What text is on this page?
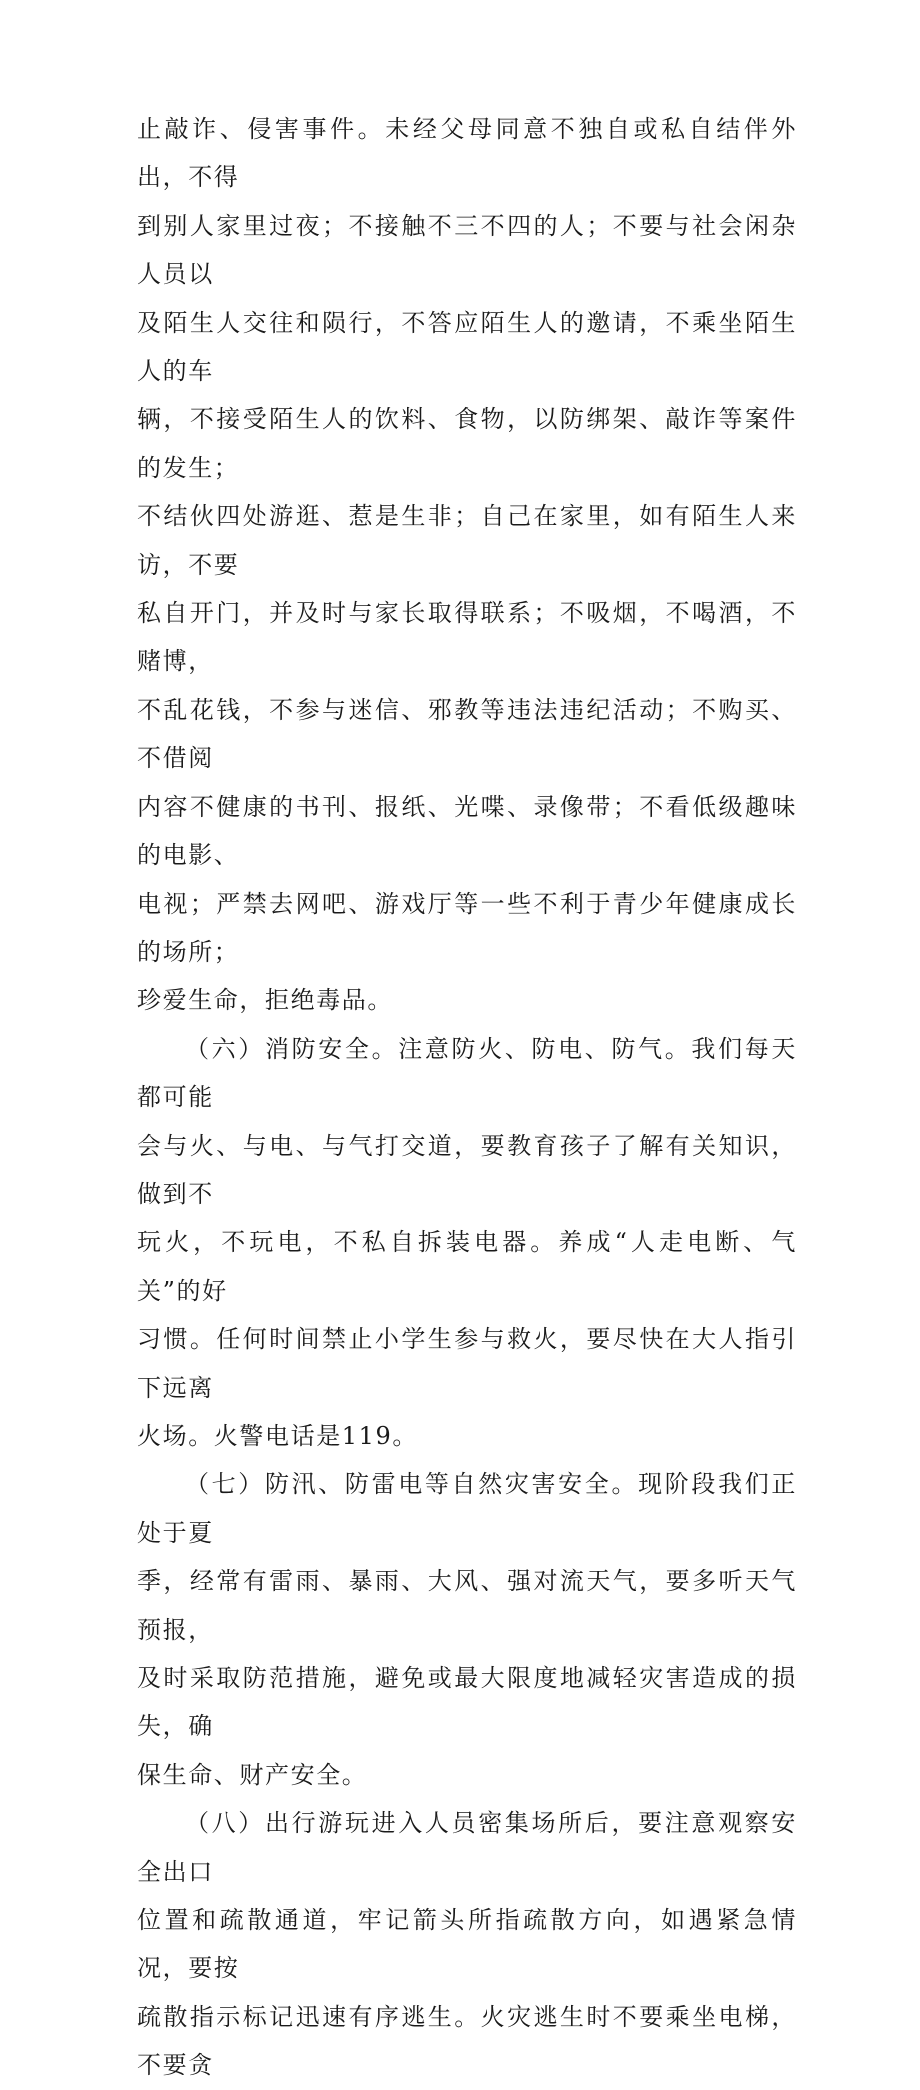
止敲诈、侵害事件。未经父母同意不独自或私自结伴外出，不得
到别人家里过夜；不接触不三不四的人；不要与社会闲杂人员以
及陌生人交往和陨行，不答应陌生人的邀请，不乘坐陌生人的车
辆，不接受陌生人的饮料、食物，以防绑架、敲诈等案件的发生；
不结伙四处游逛、惹是生非；自己在家里，如有陌生人来访，不要
私自开门，并及时与家长取得联系；不吸烟，不喝酒，不赌博，
不乱花钱，不参与迷信、邪教等违法违纪活动；不购买、不借阅
内容不健康的书刊、报纸、光喋、录像带；不看低级趣味的电影、
电视；严禁去网吧、游戏厅等一些不利于青少年健康成长的场所；
珍爱生命，拒绝毒品。

（六）消防安全。注意防火、防电、防气。我们每天都可能
会与火、与电、与气打交道，要教育孩子了解有关知识，做到不
玩火，不玩电，不私自拆装电器。养成“人走电断、气关”的好
习惯。任何时间禁止小学生参与救火，要尽快在大人指引下远离
火场。火警电话是119。

（七）防汛、防雷电等自然灾害安全。现阶段我们正处于夏
季，经常有雷雨、暴雨、大风、强对流天气，要多听天气预报，
及时采取防范措施，避免或最大限度地减轻灾害造成的损失，确
保生命、财产安全。

（八）出行游玩进入人员密集场所后，要注意观察安全出口
位置和疏散通道，牢记箭头所指疏散方向，如遇紧急情况，要按
疏散指示标记迅速有序逃生。火灾逃生时不要乘坐电梯，不要贪
